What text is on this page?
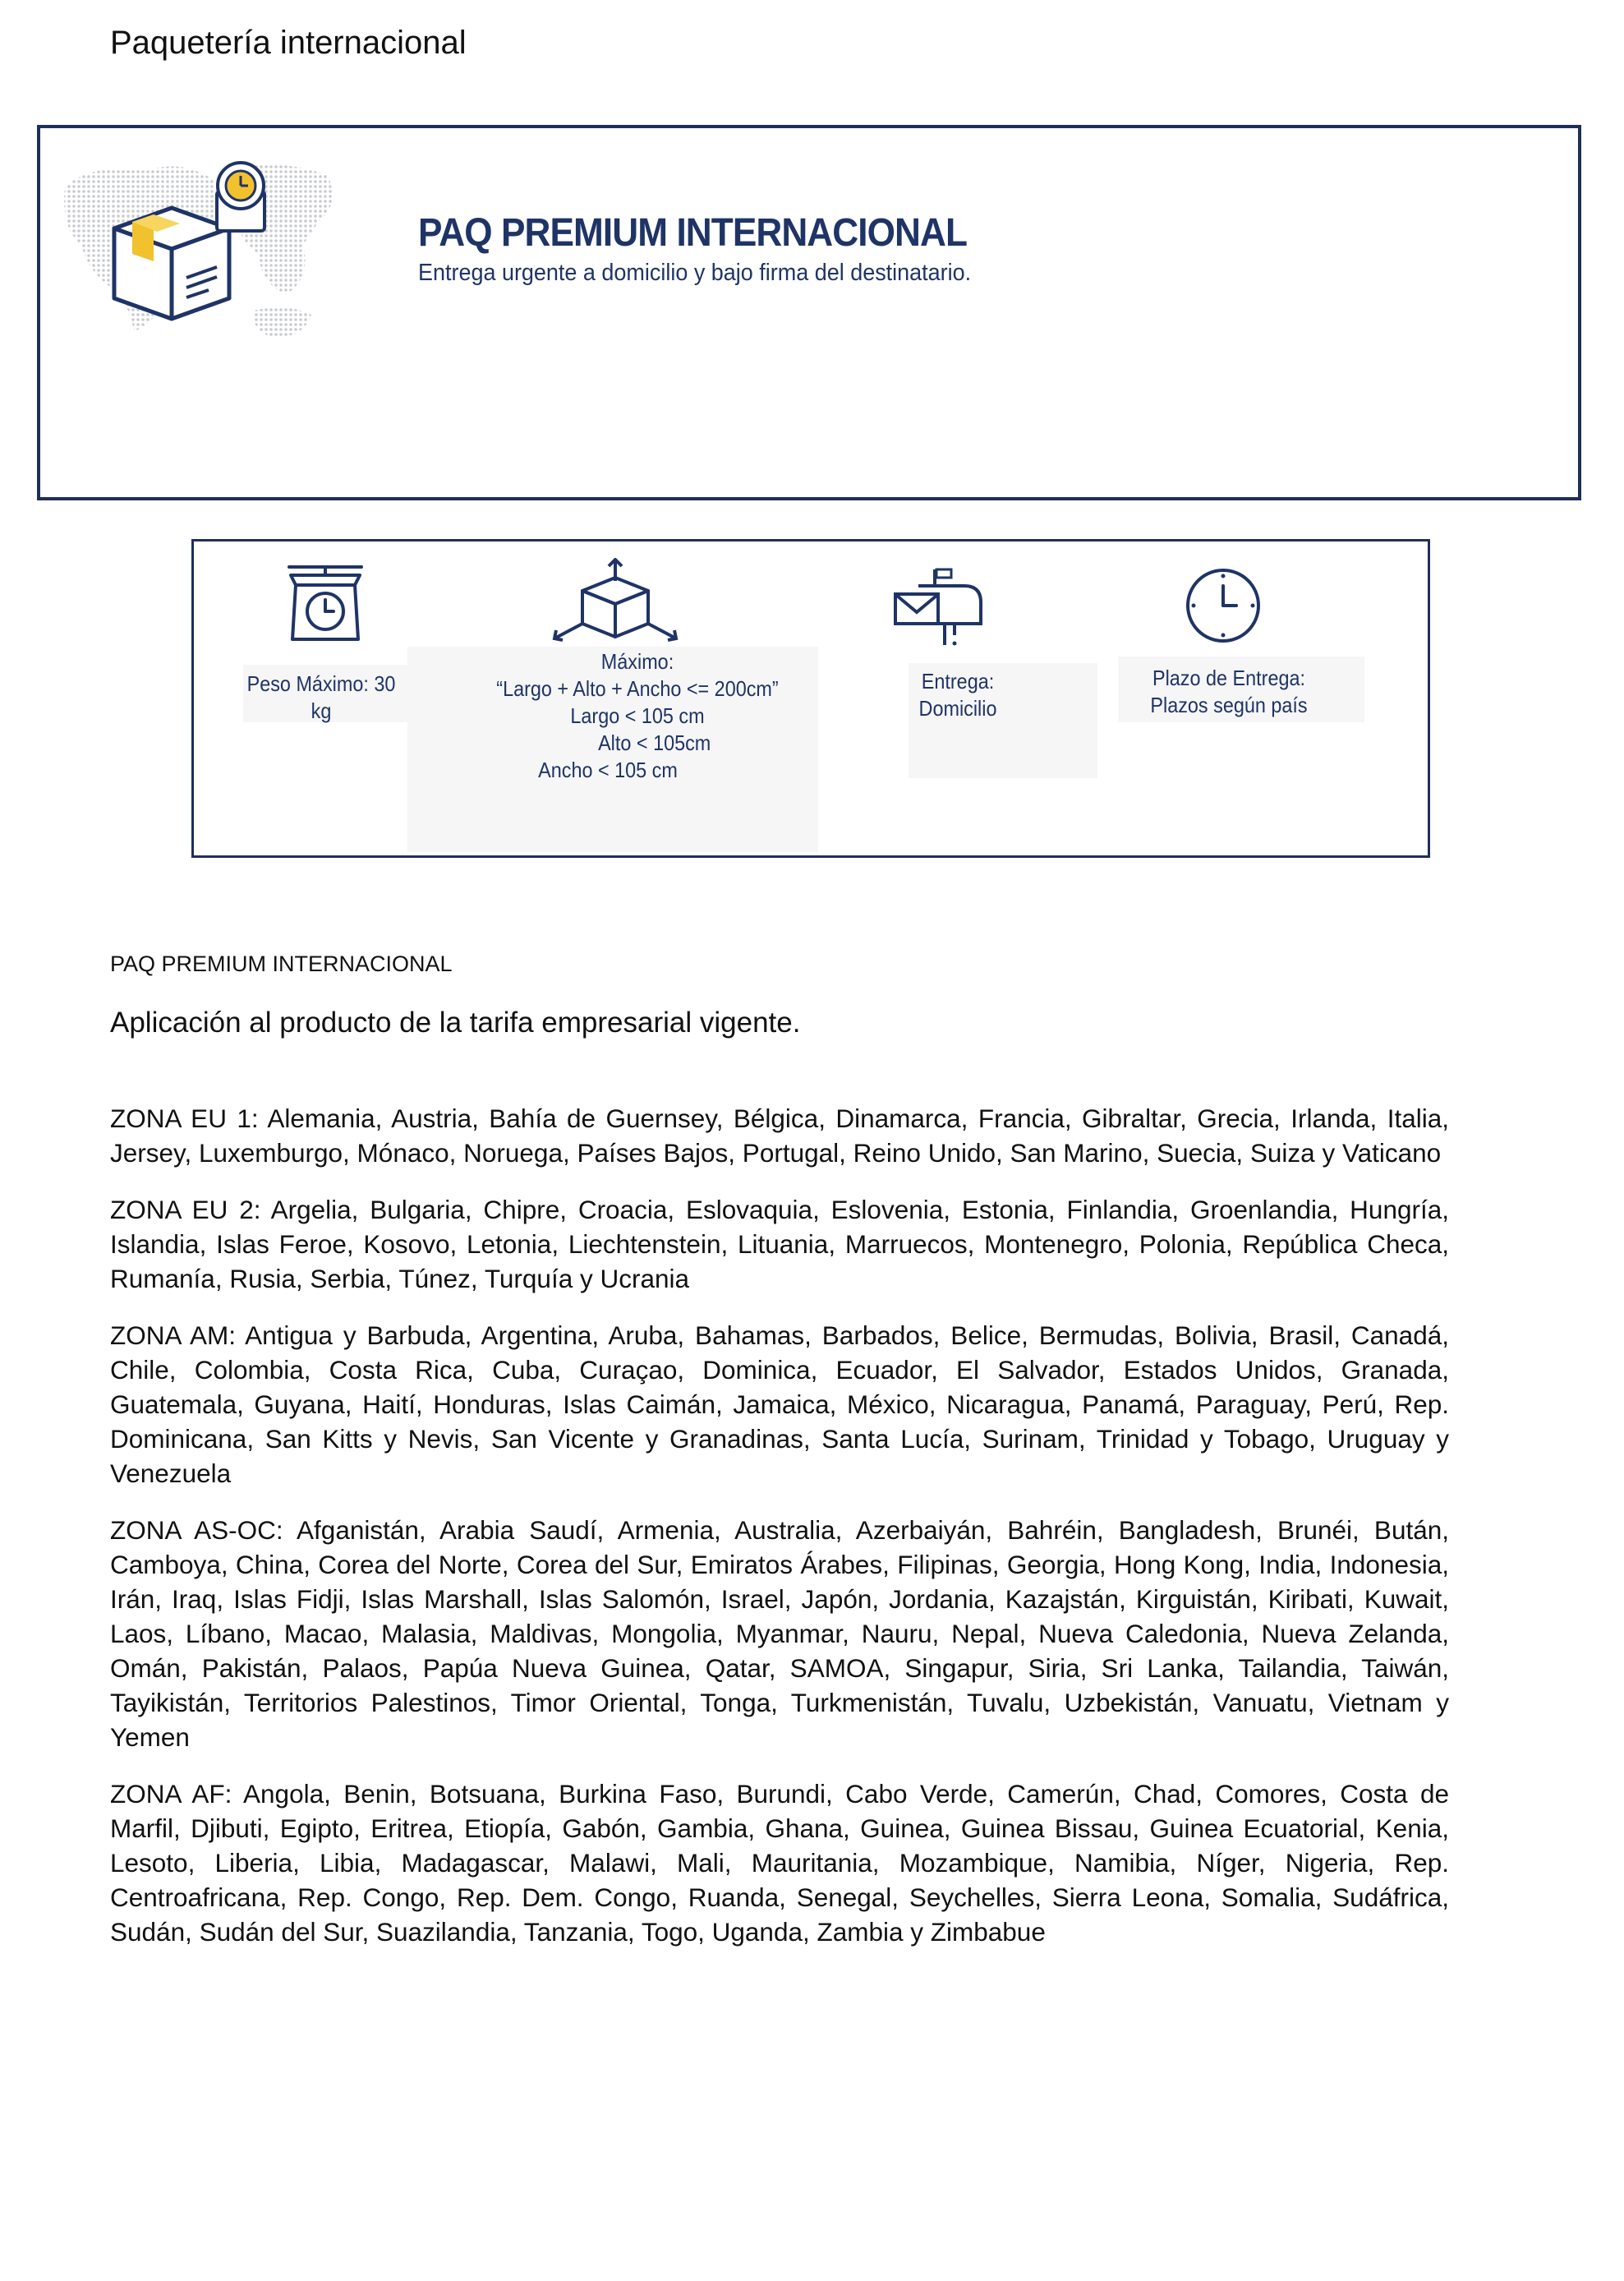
Paquetería internacional
PAQ PREMIUM INTERNACIONAL
Entrega urgente a domicilio y bajo firma del destinatario.
Peso Máximo: 30
kg
Máximo:
“Largo + Alto + Ancho <= 200cm”
Largo < 105 cm
Alto < 105cm
Ancho < 105 cm
Entrega:
Domicilio
Plazo de Entrega:
Plazos según país
PAQ PREMIUM INTERNACIONAL
Aplicación al producto de la tarifa empresarial vigente.

ZONA EU 1: Alemania, Austria, Bahía de Guernsey, Bélgica, Dinamarca, Francia, Gibraltar, Grecia, Irlanda, Italia, Jersey, Luxemburgo, Mónaco, Noruega, Países Bajos, Portugal, Reino Unido, San Marino, Suecia, Suiza y Vaticano

ZONA EU 2: Argelia, Bulgaria, Chipre, Croacia, Eslovaquia, Eslovenia, Estonia, Finlandia, Groenlandia, Hungría, Islandia, Islas Feroe, Kosovo, Letonia, Liechtenstein, Lituania, Marruecos, Montenegro, Polonia, República Checa, Rumanía, Rusia, Serbia, Túnez, Turquía y Ucrania

ZONA AM: Antigua y Barbuda, Argentina, Aruba, Bahamas, Barbados, Belice, Bermudas, Bolivia, Brasil, Canadá, Chile, Colombia, Costa Rica, Cuba, Curaçao, Dominica, Ecuador, El Salvador, Estados Unidos, Granada, Guatemala, Guyana, Haití, Honduras, Islas Caimán, Jamaica, México, Nicaragua, Panamá, Paraguay, Perú, Rep. Dominicana, San Kitts y Nevis, San Vicente y Granadinas, Santa Lucía, Surinam, Trinidad y Tobago, Uruguay y Venezuela

ZONA AS-OC: Afganistán, Arabia Saudí, Armenia, Australia, Azerbaiyán, Bahréin, Bangladesh, Brunéi, Bután, Camboya, China, Corea del Norte, Corea del Sur, Emiratos Árabes, Filipinas, Georgia, Hong Kong, India, Indonesia, Irán, Iraq, Islas Fidji, Islas Marshall, Islas Salomón, Israel, Japón, Jordania, Kazajstán, Kirguistán, Kiribati, Kuwait, Laos, Líbano, Macao, Malasia, Maldivas, Mongolia, Myanmar, Nauru, Nepal, Nueva Caledonia, Nueva Zelanda, Omán, Pakistán, Palaos, Papúa Nueva Guinea, Qatar, SAMOA, Singapur, Siria, Sri Lanka, Tailandia, Taiwán, Tayikistán, Territorios Palestinos, Timor Oriental, Tonga, Turkmenistán, Tuvalu, Uzbekistán, Vanuatu, Vietnam y Yemen

ZONA AF: Angola, Benin, Botsuana, Burkina Faso, Burundi, Cabo Verde, Camerún, Chad, Comores, Costa de Marfil, Djibuti, Egipto, Eritrea, Etiopía, Gabón, Gambia, Ghana, Guinea, Guinea Bissau, Guinea Ecuatorial, Kenia, Lesoto, Liberia, Libia, Madagascar, Malawi, Mali, Mauritania, Mozambique, Namibia, Níger, Nigeria, Rep. Centroafricana, Rep. Congo, Rep. Dem. Congo, Ruanda, Senegal, Seychelles, Sierra Leona, Somalia, Sudáfrica, Sudán, Sudán del Sur, Suazilandia, Tanzania, Togo, Uganda, Zambia y Zimbabue
